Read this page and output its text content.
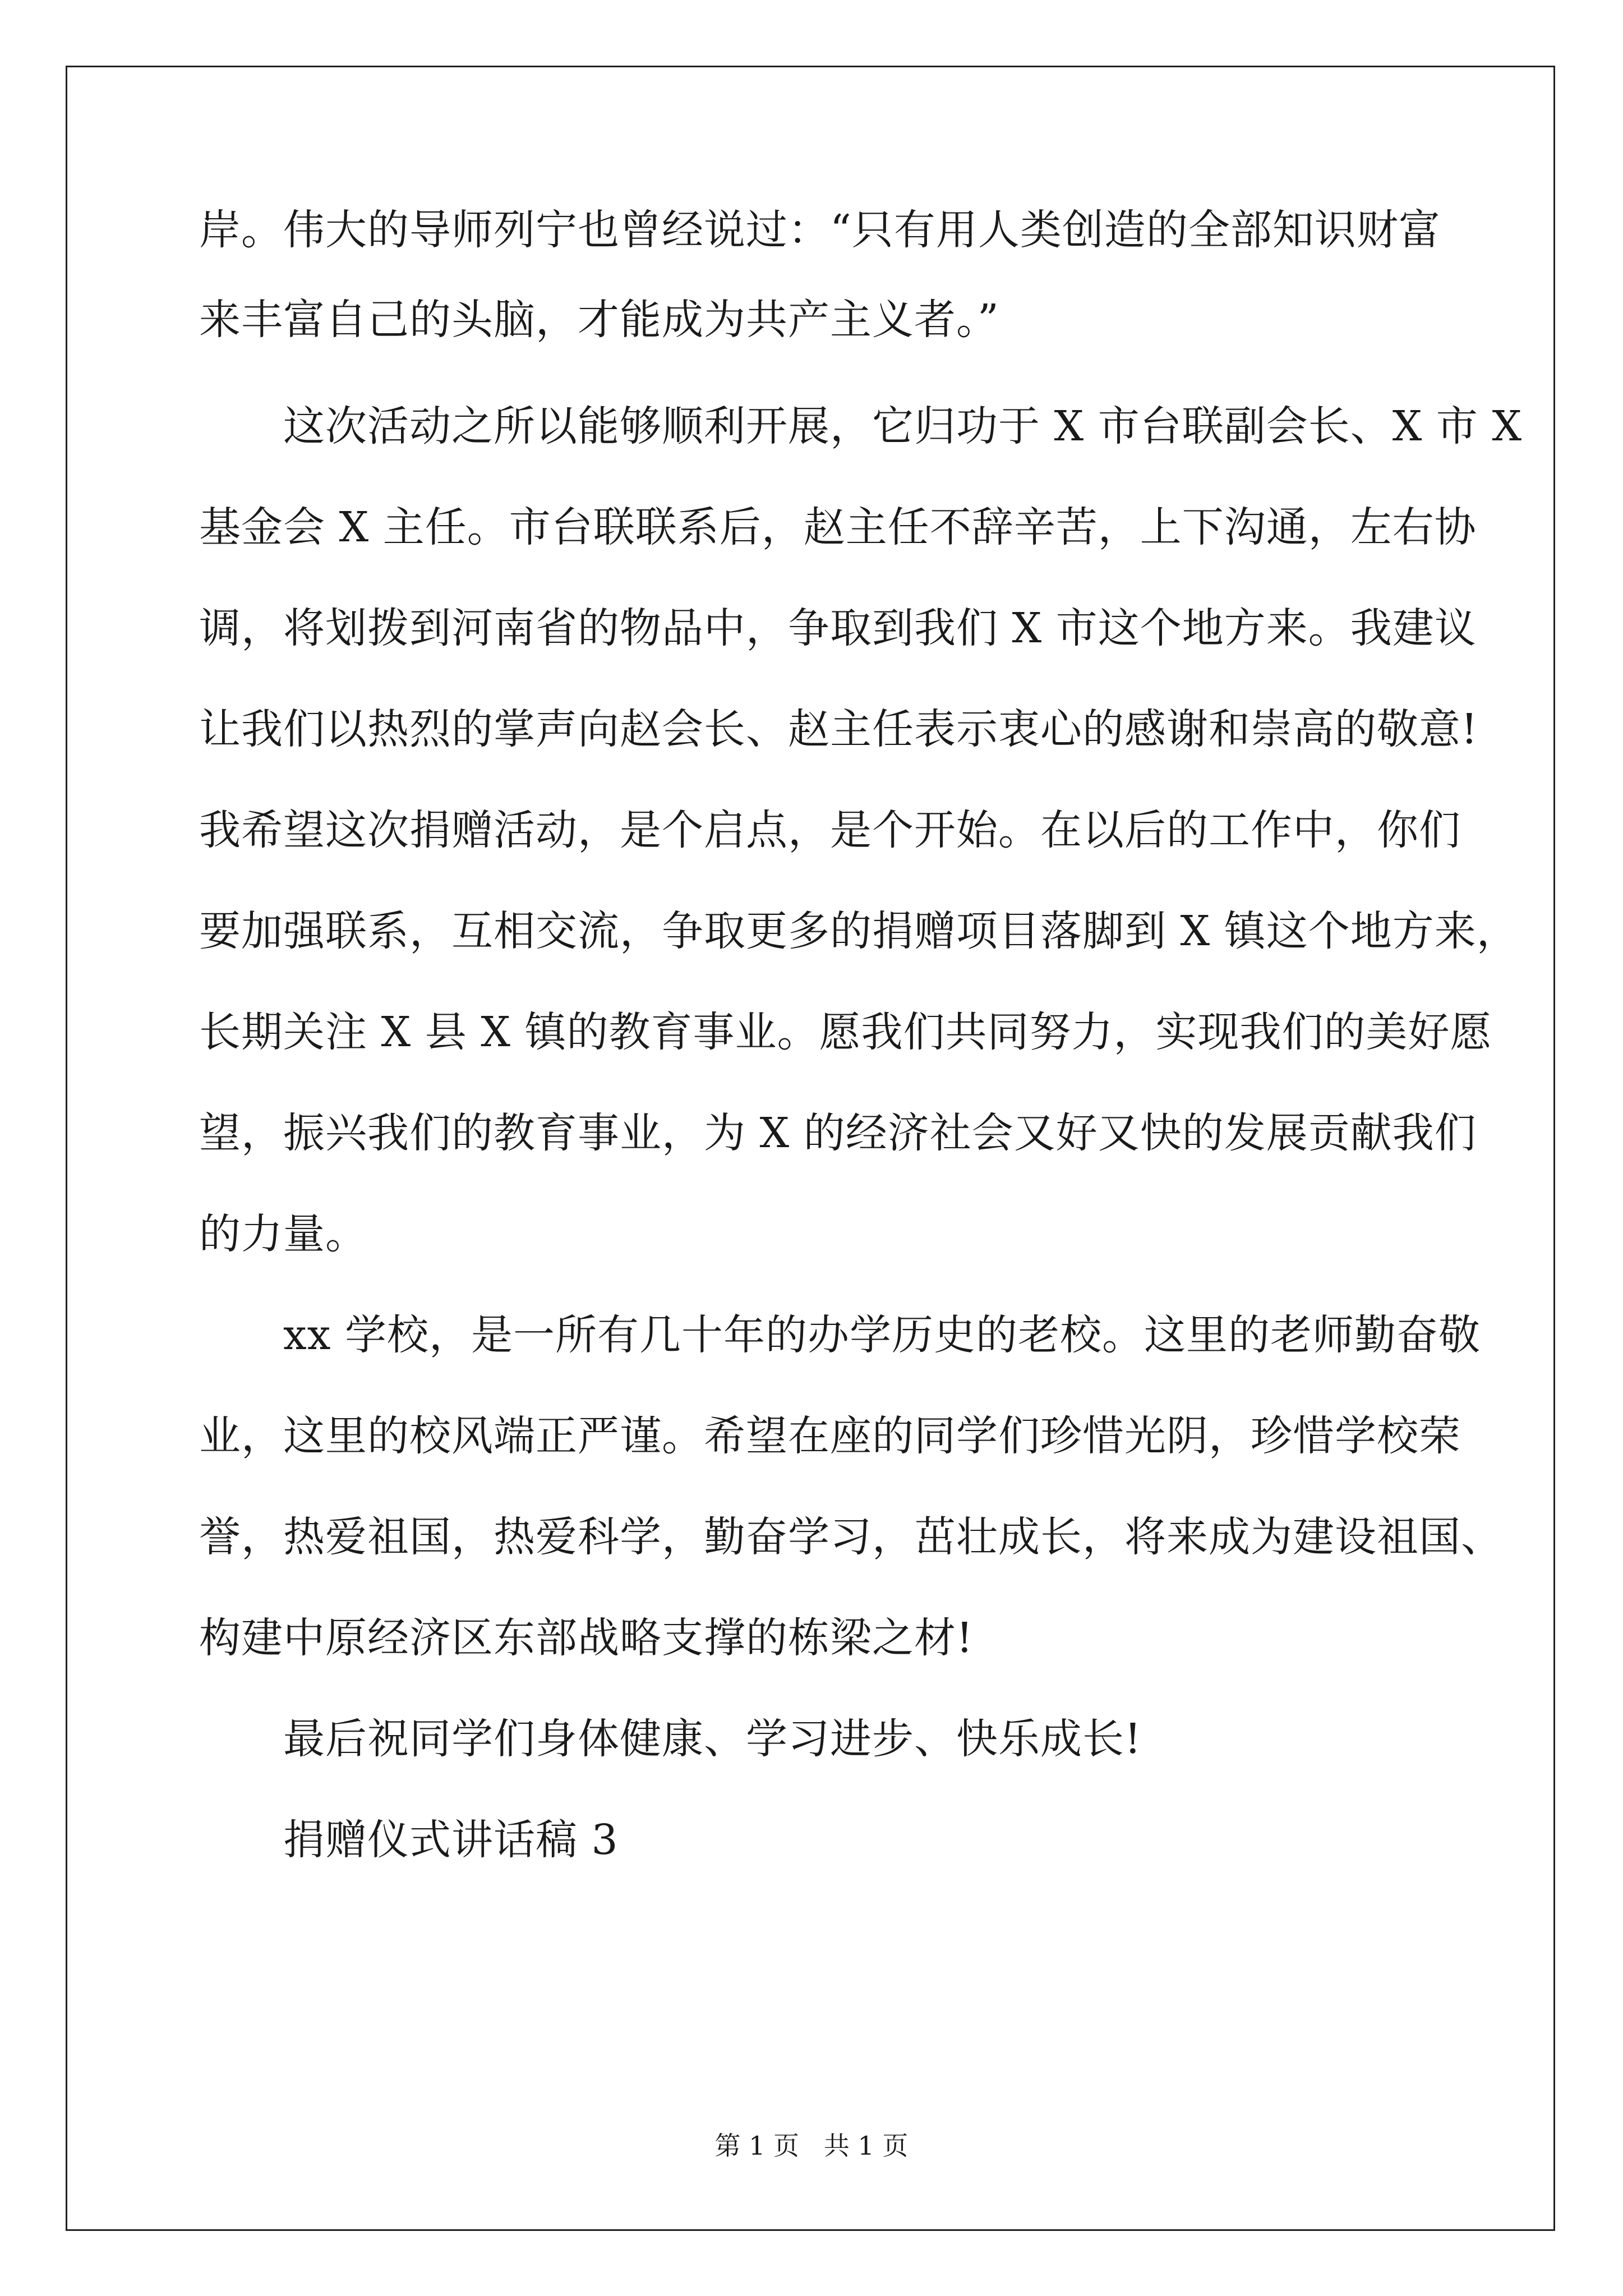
岸。伟大的导师列宁也曾经说过：“只有用人类创造的全部知识财富
来丰富自己的头脑，才能成为共产主义者。”
这次活动之所以能够顺利开展，它归功于 X 市台联副会长、X 市 X
基金会 X 主任。市台联联系后，赵主任不辞辛苦，上下沟通，左右协
调，将划拨到河南省的物品中，争取到我们 X 市这个地方来。我建议
让我们以热烈的掌声向赵会长、赵主任表示衷心的感谢和崇高的敬意!
我希望这次捐赠活动，是个启点，是个开始。在以后的工作中，你们
要加强联系，互相交流，争取更多的捐赠项目落脚到 X 镇这个地方来，
长期关注 X 县 X 镇的教育事业。愿我们共同努力，实现我们的美好愿
望，振兴我们的教育事业，为 X 的经济社会又好又快的发展贡献我们
的力量。
xx 学校，是一所有几十年的办学历史的老校。这里的老师勤奋敬
业，这里的校风端正严谨。希望在座的同学们珍惜光阴，珍惜学校荣
誉，热爱祖国，热爱科学，勤奋学习，茁壮成长，将来成为建设祖国、
构建中原经济区东部战略支撑的栋梁之材!
最后祝同学们身体健康、学习进步、快乐成长!
捐赠仪式讲话稿 3
第 1 页   共 1 页
